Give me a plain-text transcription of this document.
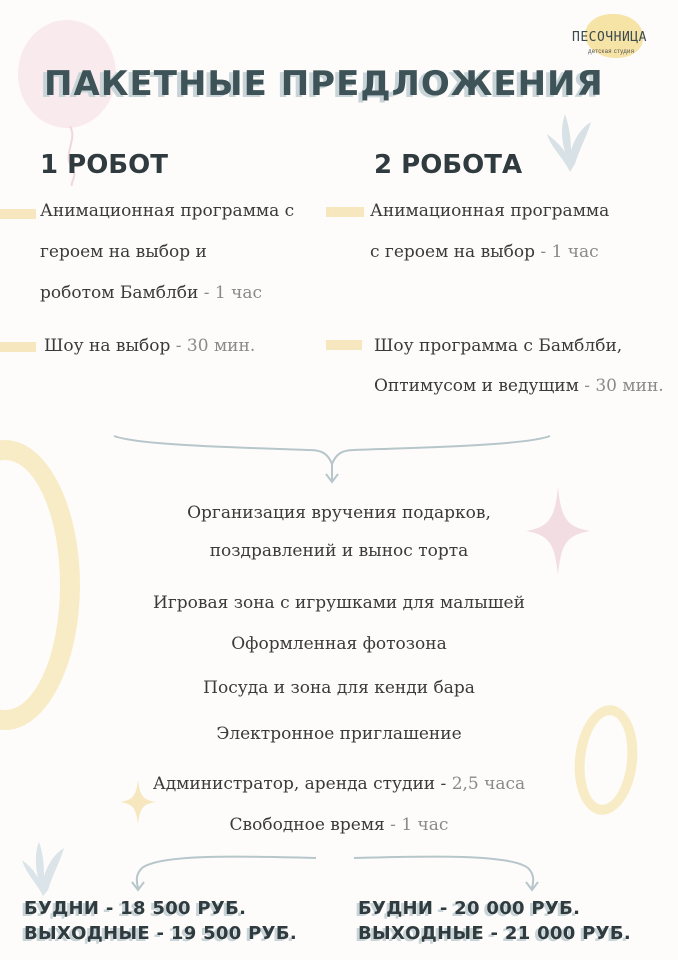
ПЕСОЧНИЦА
детская студия
ПАКЕТНЫЕ ПРЕДЛОЖЕНИЯ
1 РОБОТ
Анимационная программа с
героем на выбор и
роботом Бамблби - 1 час
Шоу на выбор - 30 мин.
2 РОБОТА
Анимационная программа
с героем на выбор - 1 час
Шоу программа с Бамблби,
Оптимусом и ведущим - 30 мин.
Организация вручения подарков,
поздравлений и вынос торта
Игровая зона с игрушками для малышей
Оформленная фотозона
Посуда и зона для кенди бара
Электронное приглашение
Администратор, аренда студии - 2,5 часа
Свободное время - 1 час
БУДНИ - 18 500 РУБ.
ВЫХОДНЫЕ - 19 500 РУБ.
БУДНИ - 20 000 РУБ.
ВЫХОДНЫЕ - 21 000 РУБ.
